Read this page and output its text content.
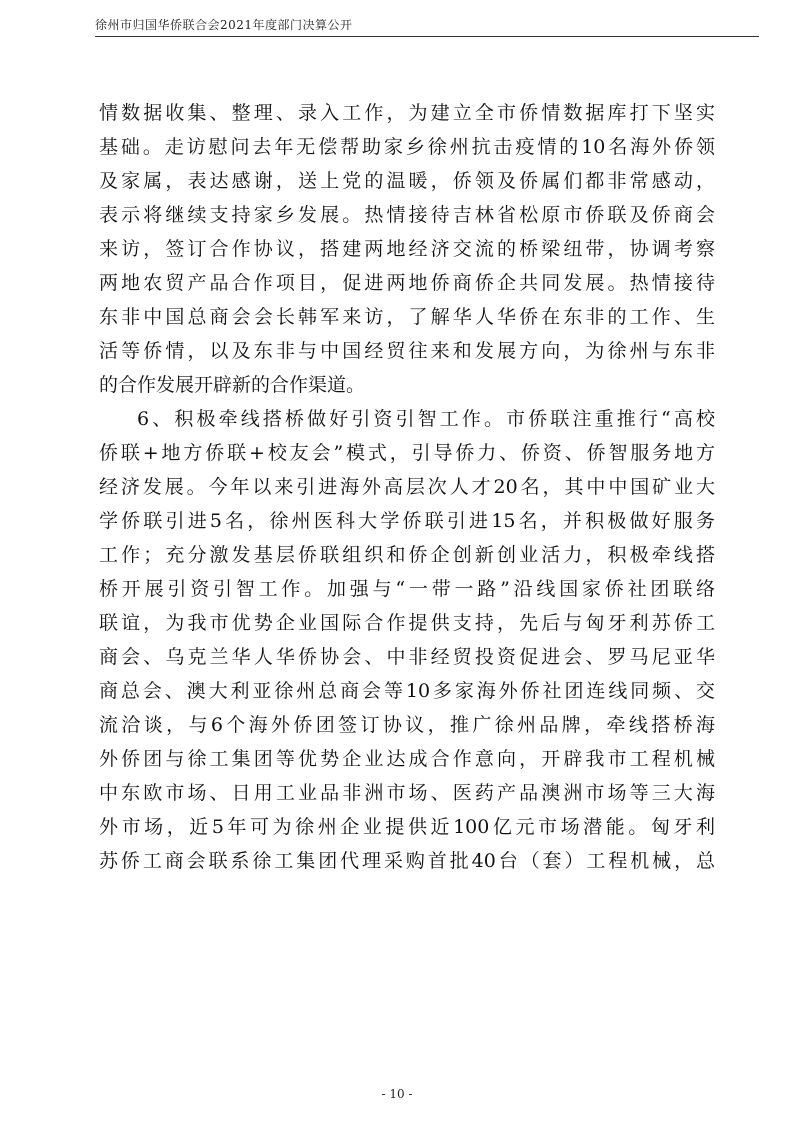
徐州市归国华侨联合会2021年度部门决算公开
情数据收集、整理、录入工作，为建立全市侨情数据库打下坚实
基础。走访慰问去年无偿帮助家乡徐州抗击疫情的10名海外侨领
及家属，表达感谢，送上党的温暖，侨领及侨属们都非常感动，
表示将继续支持家乡发展。热情接待吉林省松原市侨联及侨商会
来访，签订合作协议，搭建两地经济交流的桥梁纽带，协调考察
两地农贸产品合作项目，促进两地侨商侨企共同发展。热情接待
东非中国总商会会长韩军来访，了解华人华侨在东非的工作、生
活等侨情，以及东非与中国经贸往来和发展方向，为徐州与东非
的合作发展开辟新的合作渠道。
6、积极牵线搭桥做好引资引智工作。市侨联注重推行“高校
侨联+地方侨联+校友会”模式，引导侨力、侨资、侨智服务地方
经济发展。今年以来引进海外高层次人才20名，其中中国矿业大
学侨联引进5名，徐州医科大学侨联引进15名，并积极做好服务
工作；充分激发基层侨联组织和侨企创新创业活力，积极牵线搭
桥开展引资引智工作。加强与“一带一路”沿线国家侨社团联络
联谊，为我市优势企业国际合作提供支持，先后与匈牙利苏侨工
商会、乌克兰华人华侨协会、中非经贸投资促进会、罗马尼亚华
商总会、澳大利亚徐州总商会等10多家海外侨社团连线同频、交
流洽谈，与6个海外侨团签订协议，推广徐州品牌，牵线搭桥海
外侨团与徐工集团等优势企业达成合作意向，开辟我市工程机械
中东欧市场、日用工业品非洲市场、医药产品澳洲市场等三大海
外市场，近5年可为徐州企业提供近100亿元市场潜能。匈牙利
苏侨工商会联系徐工集团代理采购首批40台（套）工程机械，总
- 10 -
